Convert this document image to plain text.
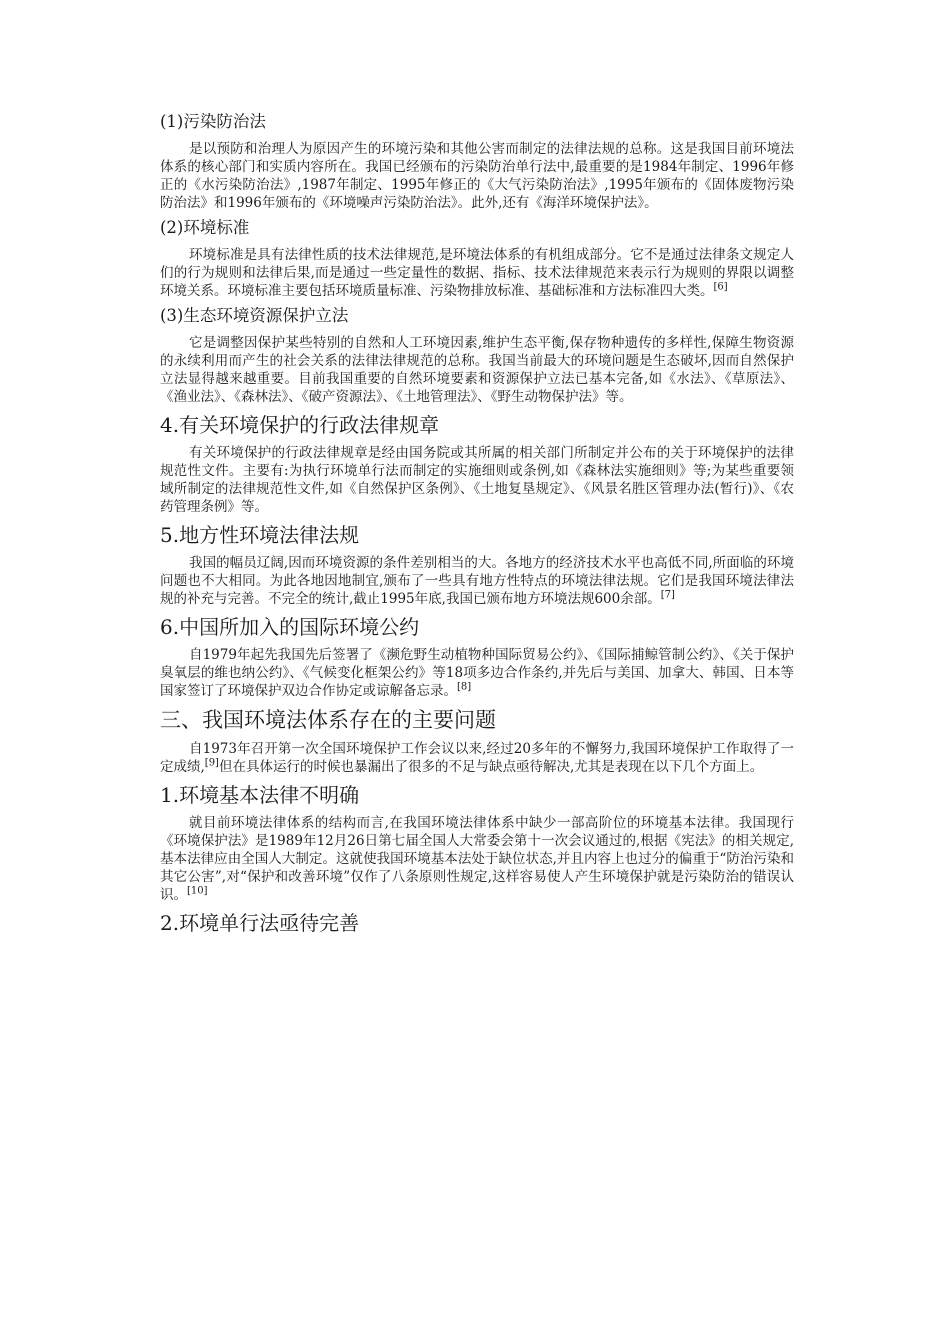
(1)污染防治法

是以预防和治理人为原因产生的环境污染和其他公害而制定的法律法规的总称。这是我国目前环境法体系的核心部门和实质内容所在。我国已经颁布的污染防治单行法中,最重要的是1984年制定、1996年修正的《水污染防治法》,1987年制定、1995年修正的《大气污染防治法》,1995年颁布的《固体废物污染防治法》和1996年颁布的《环境噪声污染防治法》。此外,还有《海洋环境保护法》。

(2)环境标准

环境标准是具有法律性质的技术法律规范,是环境法体系的有机组成部分。它不是通过法律条文规定人们的行为规则和法律后果,而是通过一些定量性的数据、指标、技术法律规范来表示行为规则的界限以调整环境关系。环境标准主要包括环境质量标准、污染物排放标准、基础标准和方法标准四大类。[6]

(3)生态环境资源保护立法

它是调整因保护某些特别的自然和人工环境因素,维护生态平衡,保存物种遗传的多样性,保障生物资源的永续利用而产生的社会关系的法律法律规范的总称。我国当前最大的环境问题是生态破坏,因而自然保护立法显得越来越重要。目前我国重要的自然环境要素和资源保护立法已基本完备,如《水法》、《草原法》、《渔业法》、《森林法》、《破产资源法》、《土地管理法》、《野生动物保护法》等。

4.有关环境保护的行政法律规章

有关环境保护的行政法律规章是经由国务院或其所属的相关部门所制定并公布的关于环境保护的法律规范性文件。主要有:为执行环境单行法而制定的实施细则或条例,如《森林法实施细则》等;为某些重要领域所制定的法律规范性文件,如《自然保护区条例》、《土地复垦规定》、《风景名胜区管理办法(暂行)》、《农药管理条例》等。

5.地方性环境法律法规

我国的幅员辽阔,因而环境资源的条件差别相当的大。各地方的经济技术水平也高低不同,所面临的环境问题也不大相同。为此各地因地制宜,颁布了一些具有地方性特点的环境法律法规。它们是我国环境法律法规的补充与完善。不完全的统计,截止1995年底,我国已颁布地方环境法规600余部。[7]

6.中国所加入的国际环境公约

自1979年起先我国先后签署了《濒危野生动植物种国际贸易公约》、《国际捕鲸管制公约》、《关于保护臭氧层的维也纳公约》、《气候变化框架公约》等18项多边合作条约,并先后与美国、加拿大、韩国、日本等国家签订了环境保护双边合作协定或谅解备忘录。[8]

三、我国环境法体系存在的主要问题

自1973年召开第一次全国环境保护工作会议以来,经过20多年的不懈努力,我国环境保护工作取得了一定成绩,[9]但在具体运行的时候也暴漏出了很多的不足与缺点亟待解决,尤其是表现在以下几个方面上。

1.环境基本法律不明确

就目前环境法律体系的结构而言,在我国环境法律体系中缺少一部高阶位的环境基本法律。我国现行《环境保护法》是1989年12月26日第七届全国人大常委会第十一次会议通过的,根据《宪法》的相关规定,基本法律应由全国人大制定。这就使我国环境基本法处于缺位状态,并且内容上也过分的偏重于“防治污染和其它公害”,对“保护和改善环境”仅作了八条原则性规定,这样容易使人产生环境保护就是污染防治的错误认识。[10]

2.环境单行法亟待完善
